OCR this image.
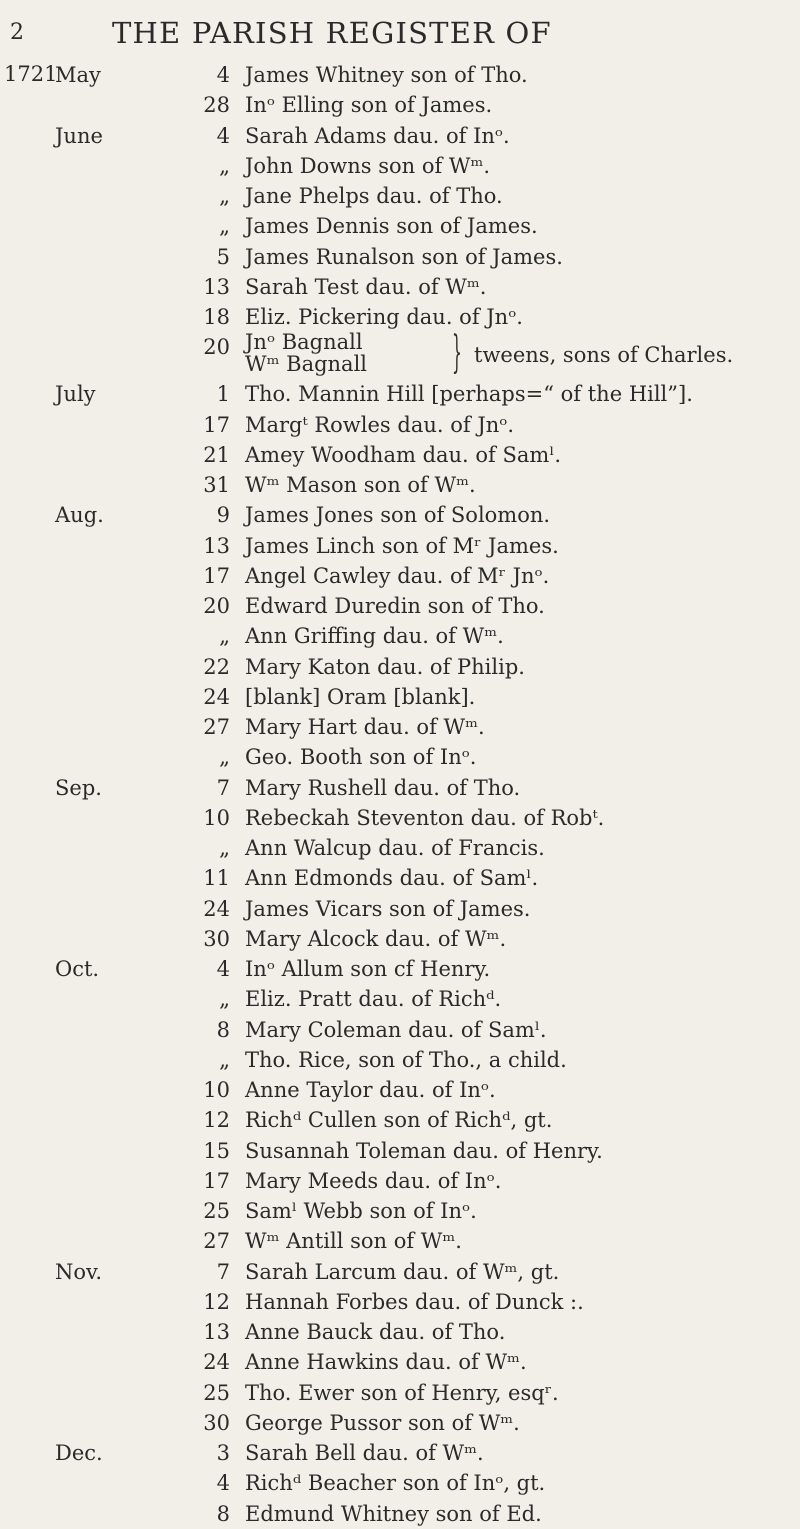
2	THE PARISH REGISTER OF
1721
May	4 James Whitney son of Tho.
28 Inᵒ Elling son of James.
June	4 Sarah Adams dau. of Inᵒ.
„ John Downs son of Wᵐ.
„ Jane Phelps dau. of Tho.
„ James Dennis son of James.
5 James Runalson son of James.
13 Sarah Test dau. of Wᵐ.
18 Eliz. Pickering dau. of Jnᵒ.
20 Jnᵒ Bagnall
Wᵐ Bagnall } tweens, sons of Charles.
July	1 Tho. Mannin Hill [perhaps=“ of the Hill”].
17 Margᵗ Rowles dau. of Jnᵒ.
21 Amey Woodham dau. of Samˡ.
31 Wᵐ Mason son of Wᵐ.
Aug.	9 James Jones son of Solomon.
13 James Linch son of Mʳ James.
17 Angel Cawley dau. of Mʳ Jnᵒ.
20 Edward Duredin son of Tho.
„ Ann Griffing dau. of Wᵐ.
22 Mary Katon dau. of Philip.
24 [blank] Oram [blank].
27 Mary Hart dau. of Wᵐ.
„ Geo. Booth son of Inᵒ.
Sep.	7 Mary Rushell dau. of Tho.
10 Rebeckah Steventon dau. of Robᵗ.
„ Ann Walcup dau. of Francis.
11 Ann Edmonds dau. of Samˡ.
24 James Vicars son of James.
30 Mary Alcock dau. of Wᵐ.
Oct.	4 Inᵒ Allum son cf Henry.
„ Eliz. Pratt dau. of Richᵈ.
8 Mary Coleman dau. of Samˡ.
„ Tho. Rice, son of Tho., a child.
10 Anne Taylor dau. of Inᵒ.
12 Richᵈ Cullen son of Richᵈ, gt.
15 Susannah Toleman dau. of Henry.
17 Mary Meeds dau. of Inᵒ.
25 Samˡ Webb son of Inᵒ.
27 Wᵐ Antill son of Wᵐ.
Nov.	7 Sarah Larcum dau. of Wᵐ, gt.
12 Hannah Forbes dau. of Dunck :.
13 Anne Bauck dau. of Tho.
24 Anne Hawkins dau. of Wᵐ.
25 Tho. Ewer son of Henry, esqʳ.
30 George Pussor son of Wᵐ.
Dec.	3 Sarah Bell dau. of Wᵐ.
4 Richᵈ Beacher son of Inᵒ, gt.
8 Edmund Whitney son of Ed.
